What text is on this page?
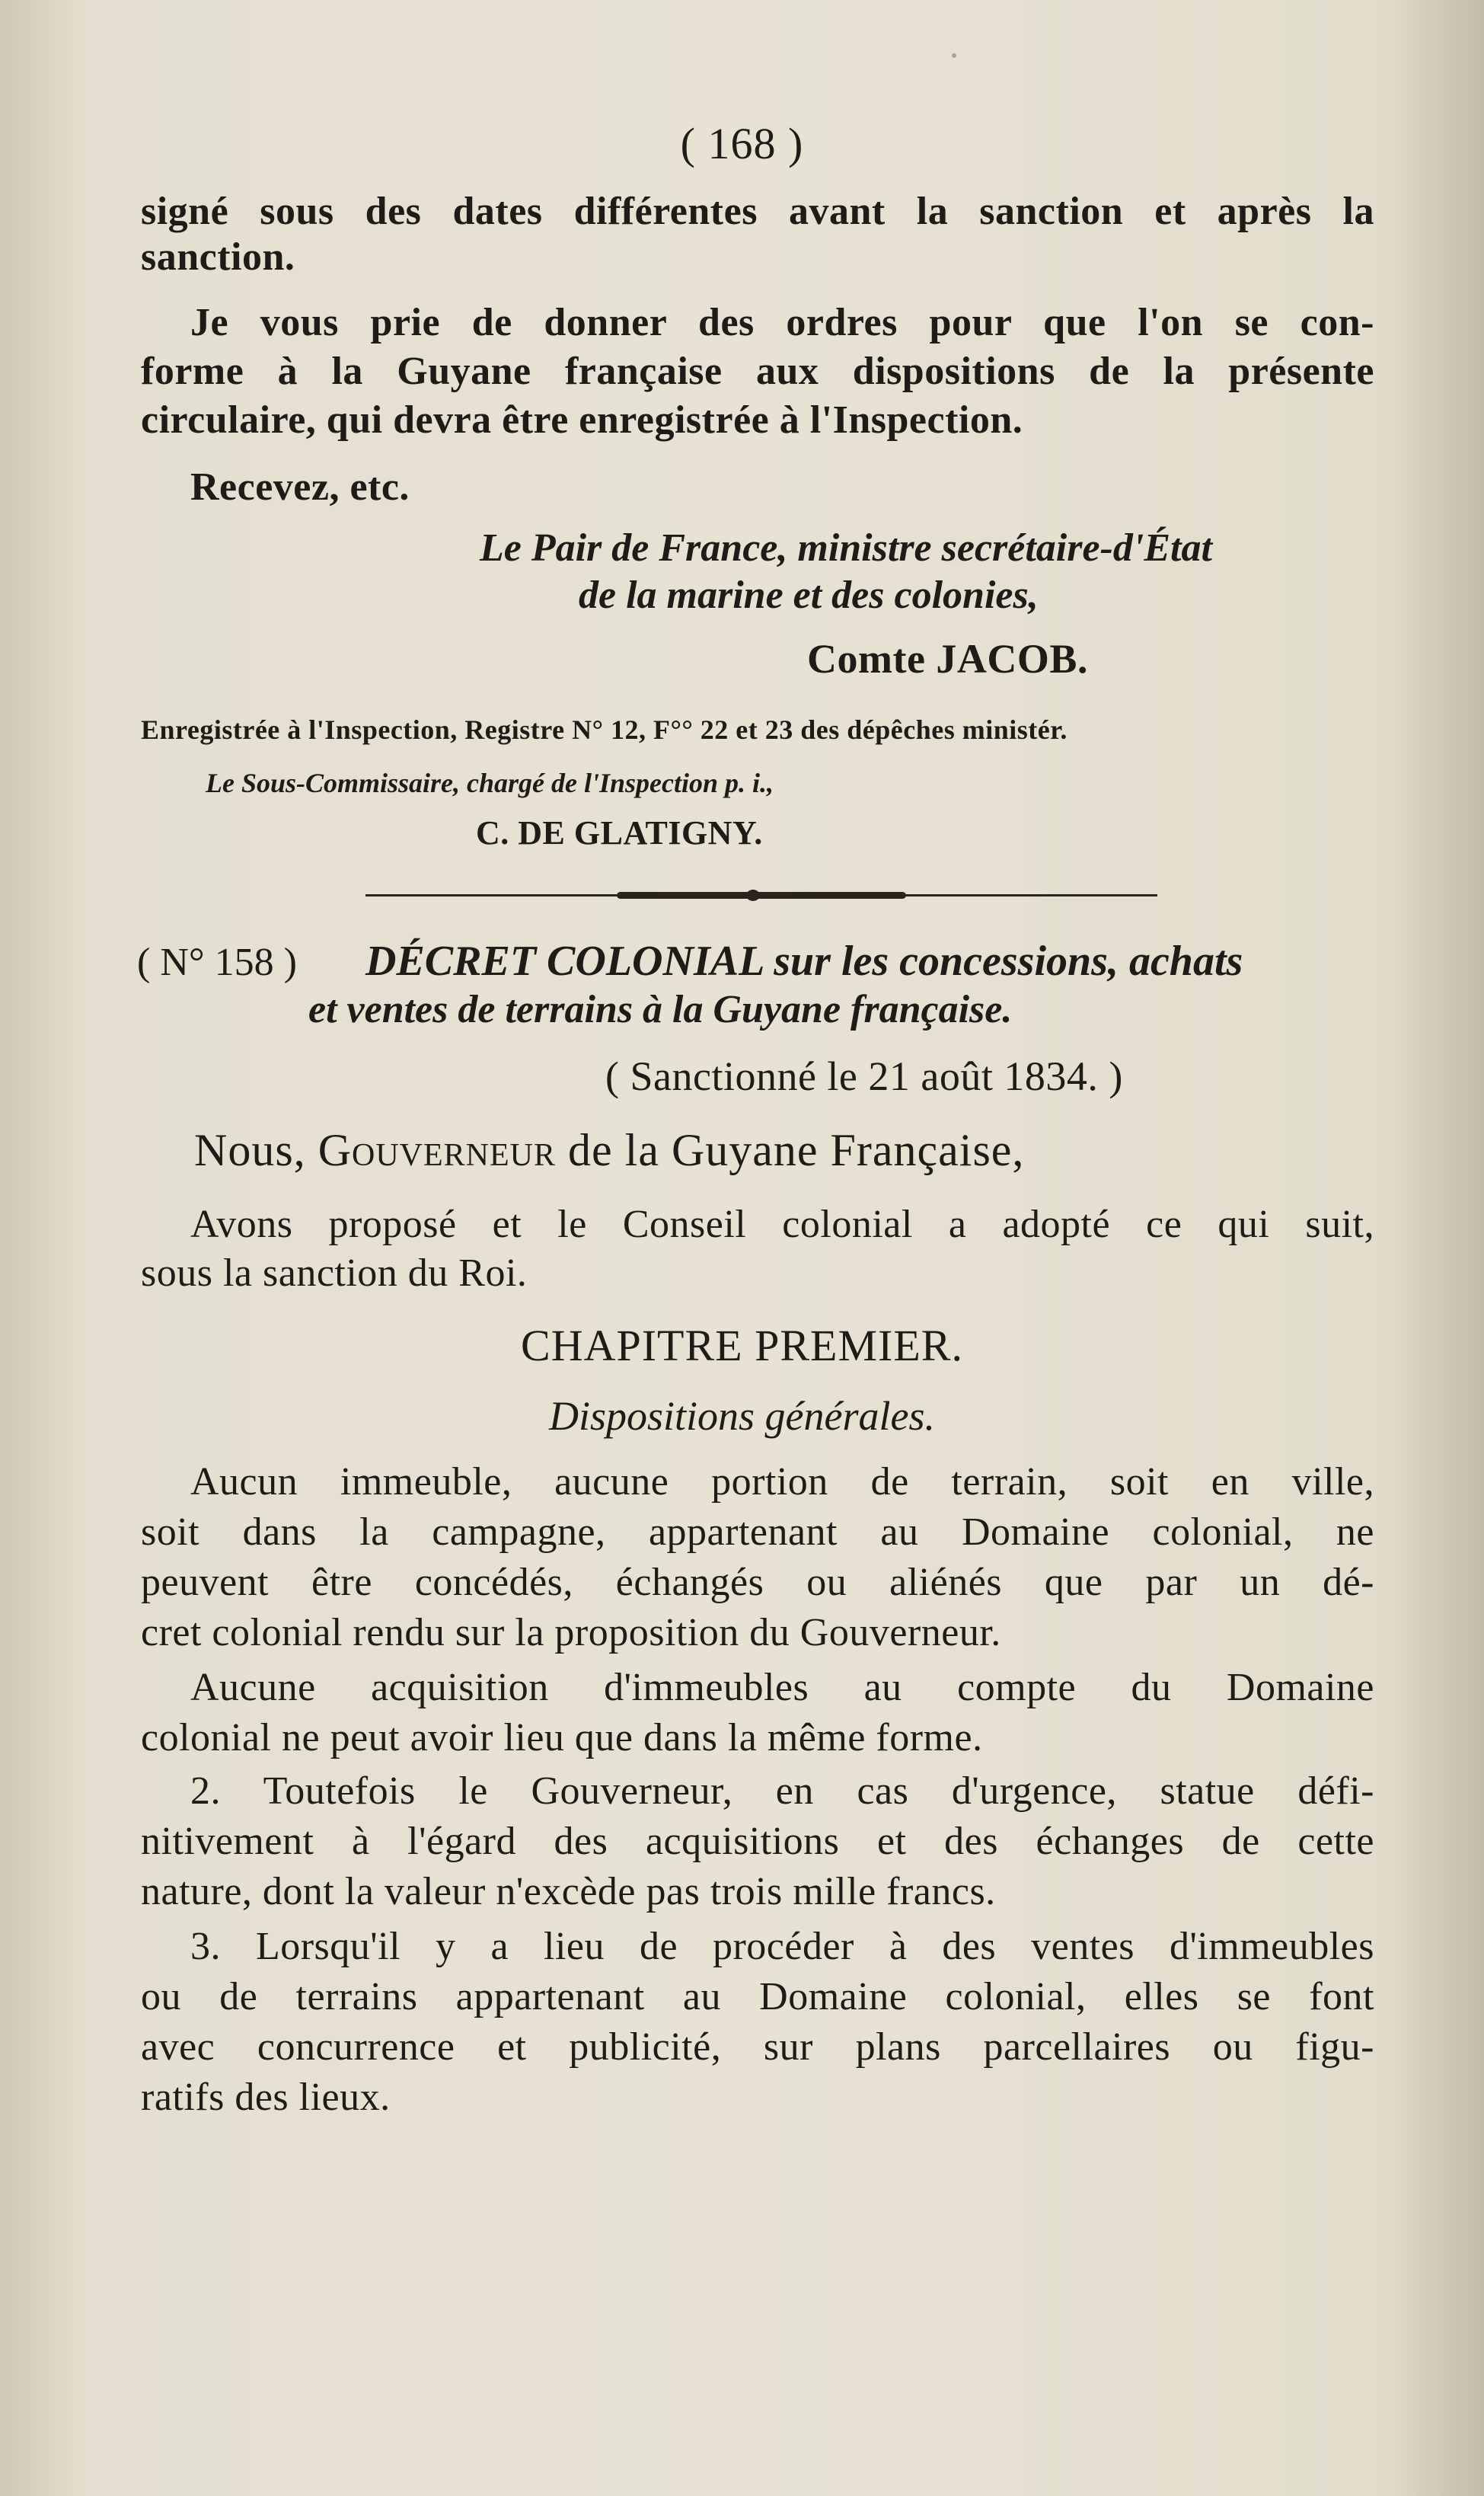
( 168 )
signé sous des dates différentes avant la sanction et après la
sanction.
Je vous prie de donner des ordres pour que l'on se con-
forme à la Guyane française aux dispositions de la présente
circulaire, qui devra être enregistrée à l'Inspection.
Recevez, etc.
Le Pair de France, ministre secrétaire-d'État
de la marine et des colonies,
Comte JACOB.
Enregistrée à l'Inspection, Registre N° 12, F°° 22 et 23 des dépêches ministér.
Le Sous-Commissaire, chargé de l'Inspection p. i.,
C. DE GLATIGNY.
( N° 158 ) DÉCRET COLONIAL sur les concessions, achats
et ventes de terrains à la Guyane française.
( Sanctionné le 21 août 1834. )
Nous, Gouverneur de la Guyane Française,
Avons proposé et le Conseil colonial a adopté ce qui suit,
sous la sanction du Roi.
CHAPITRE PREMIER.
Dispositions générales.
Aucun immeuble, aucune portion de terrain, soit en ville,
soit dans la campagne, appartenant au Domaine colonial, ne
peuvent être concédés, échangés ou aliénés que par un dé-
cret colonial rendu sur la proposition du Gouverneur.
Aucune acquisition d'immeubles au compte du Domaine
colonial ne peut avoir lieu que dans la même forme.
2. Toutefois le Gouverneur, en cas d'urgence, statue défi-
nitivement à l'égard des acquisitions et des échanges de cette
nature, dont la valeur n'excède pas trois mille francs.
3. Lorsqu'il y a lieu de procéder à des ventes d'immeubles
ou de terrains appartenant au Domaine colonial, elles se font
avec concurrence et publicité, sur plans parcellaires ou figu-
ratifs des lieux.
